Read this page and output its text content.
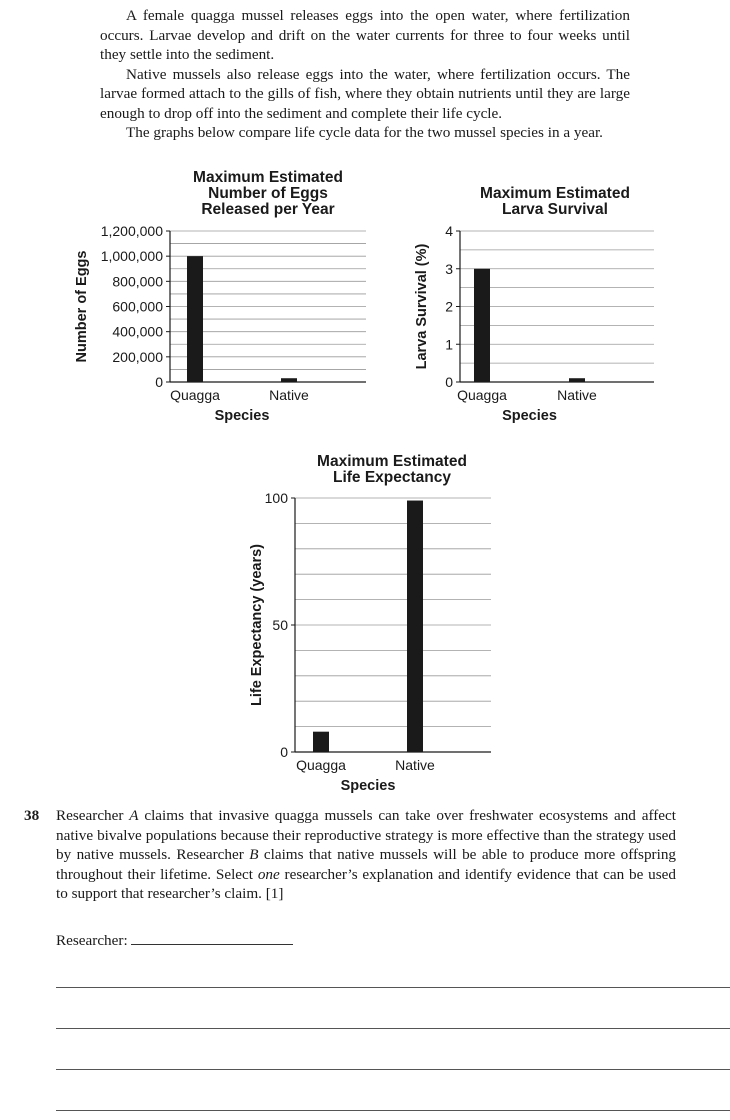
A female quagga mussel releases eggs into the open water, where fertilization occurs. Larvae develop and drift on the water currents for three to four weeks until they settle into the sediment.

Native mussels also release eggs into the water, where fertilization occurs. The larvae formed attach to the gills of fish, where they obtain nutrients until they are large enough to drop off into the sediment and complete their life cycle.

The graphs below compare life cycle data for the two mussel species in a year.

Maximum Estimated Number of Eggs Released per Year
0
200,000
400,000
600,000
800,000
1,000,000
1,200,000
Quagga	Native
Species
Number of Eggs
Maximum Estimated Larva Survival
0
1
2
3
4
Quagga	Native
Species
Larva Survival (%)
Maximum Estimated Life Expectancy
0
50
100
Quagga	Native
Species
Life Expectancy (years)
38 Researcher A claims that invasive quagga mussels can take over freshwater ecosystems and affect native bivalve populations because their reproductive strategy is more effective than the strategy used by native mussels. Researcher B claims that native mussels will be able to produce more offspring throughout their lifetime. Select one researcher’s explanation and identify evidence that can be used to support that researcher’s claim. [1]
Researcher:
